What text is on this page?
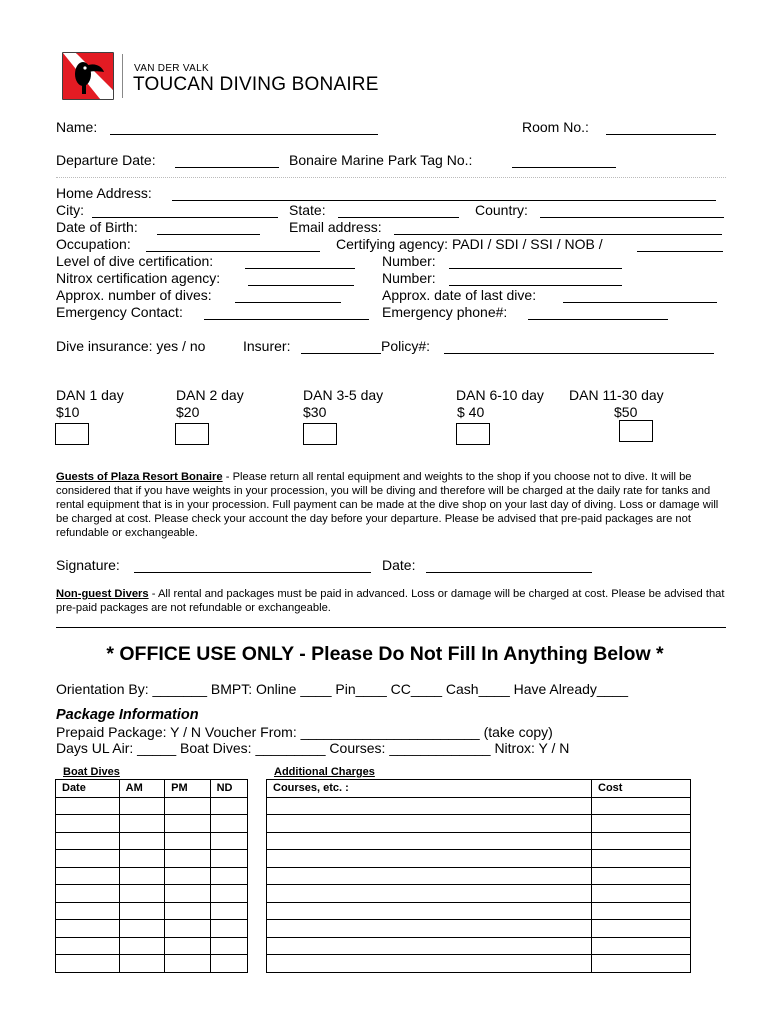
VAN DER VALK
TOUCAN DIVING BONAIRE
Name:	Room No.:
Departure Date:	Bonaire Marine Park Tag No.:
Home Address:
City:	State:	Country:
Date of Birth:	Email address:
Occupation:	Certifying agency: PADI / SDI / SSI / NOB /
Level of dive certification:	Number:
Nitrox certification agency:	Number:
Approx. number of dives:	Approx. date of last dive:
Emergency Contact:	Emergency phone#:
Dive insurance: yes / no	Insurer:	Policy#:
DAN 1 day
$10
DAN 2 day
$20
DAN 3-5 day
$30
DAN 6-10 day
$ 40
DAN 11-30 day
$50
Guests of Plaza Resort Bonaire - Please return all rental equipment and weights to the shop if you choose not to dive. It will be considered that if you have weights in your procession, you will be diving and therefore will be charged at the daily rate for tanks and rental equipment that is in your procession. Full payment can be made at the dive shop on your last day of diving. Loss or damage will be charged at cost. Please check your account the day before your departure. Please be advised that pre-paid packages are not refundable or exchangeable.
Signature:	Date:
Non-guest Divers - All rental and packages must be paid in advanced. Loss or damage will be charged at cost. Please be advised that pre-paid packages are not refundable or exchangeable.
* OFFICE USE ONLY - Please Do Not Fill In Anything Below *
Orientation By: _______ BMPT: Online ____ Pin____ CC____ Cash____ Have Already____
Package Information
Prepaid Package: Y / N Voucher From: _______________________ (take copy)
Days UL Air: _____ Boat Dives: _________ Courses: _____________ Nitrox: Y / N
Boat Dives
Date	AM	PM	ND

Additional Charges
Courses, etc. :	Cost
